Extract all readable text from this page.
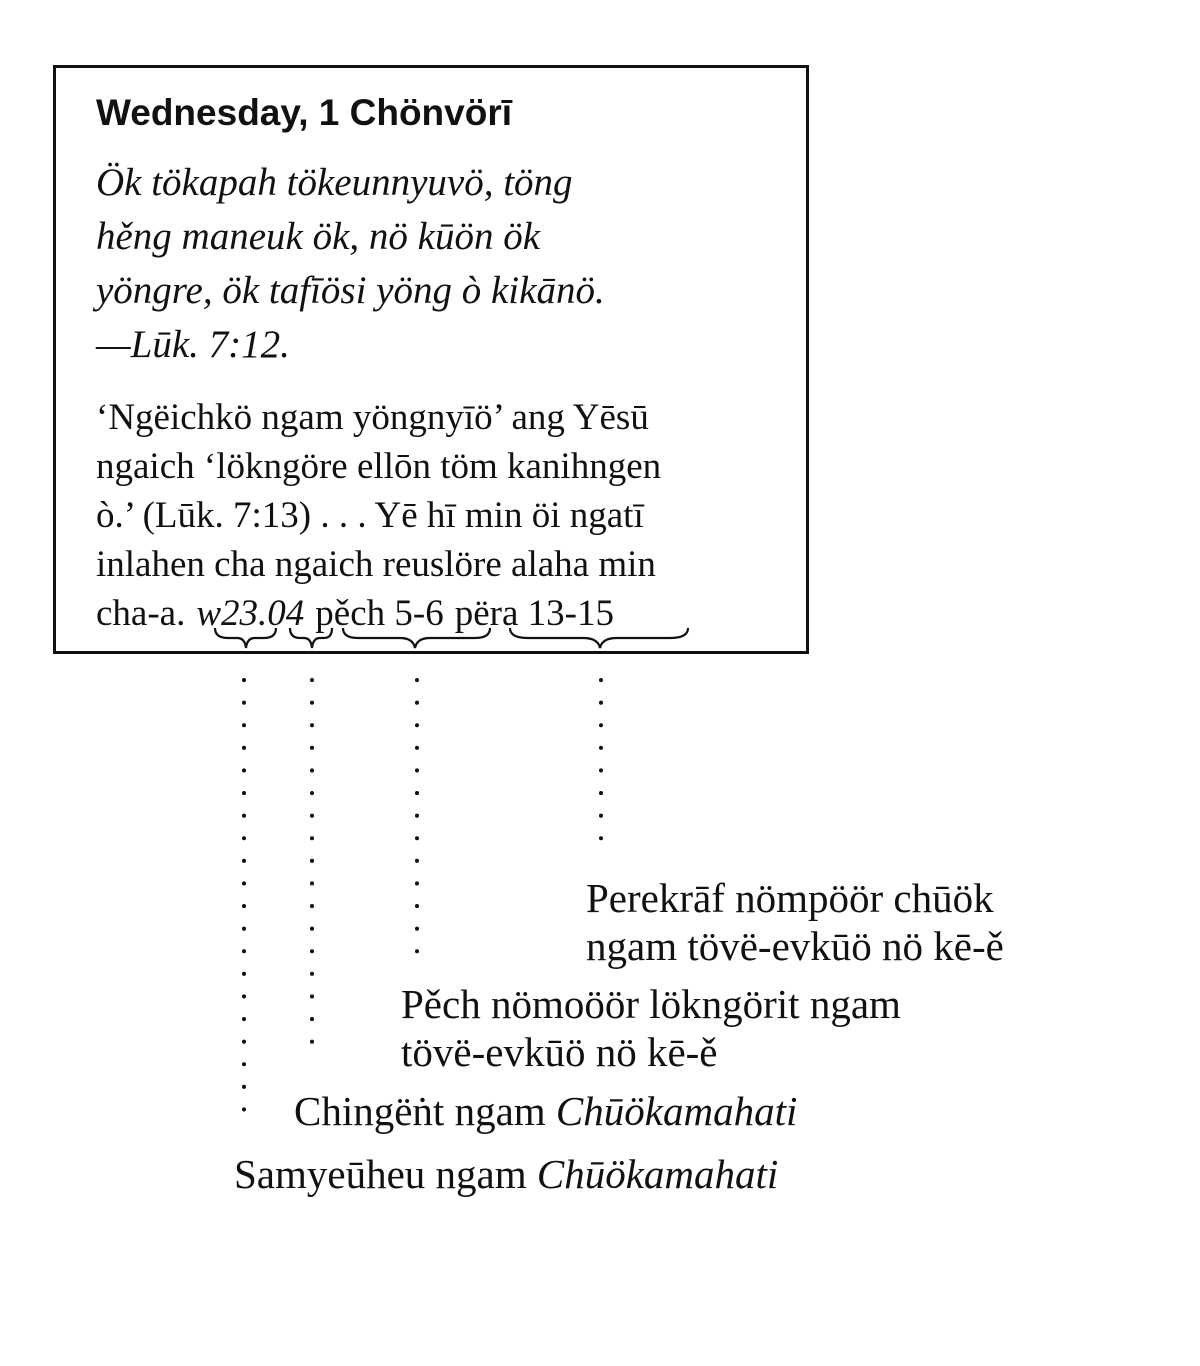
Wednesday, 1 Chönvörī

Ök tökapah tökeunnyuvö, töng
hěng maneuk ök, nö kūön ök
yöngre, ök tafīösi yöng ò kikānö.
—Lūk. 7:12.

‘Ngëichkö ngam yöngnyīö’ ang Yēsū
ngaich ‘lökngöre ellōn töm kanihngen
ò.’ (Lūk. 7:13) . . . Yē hī min öi ngatī
inlahen cha ngaich reuslöre alaha min
cha-a. w23 .04 pěch 5-6 përa 13-15
Perekrāf nömpöör chūök
ngam tövë-evkūö nö kē-ě
Pěch nömoöör lökngörit ngam
tövë-evkūö nö kē-ě
Chingëṅt ngam Chūökamahati
Samyeūheu ngam Chūökamahati
